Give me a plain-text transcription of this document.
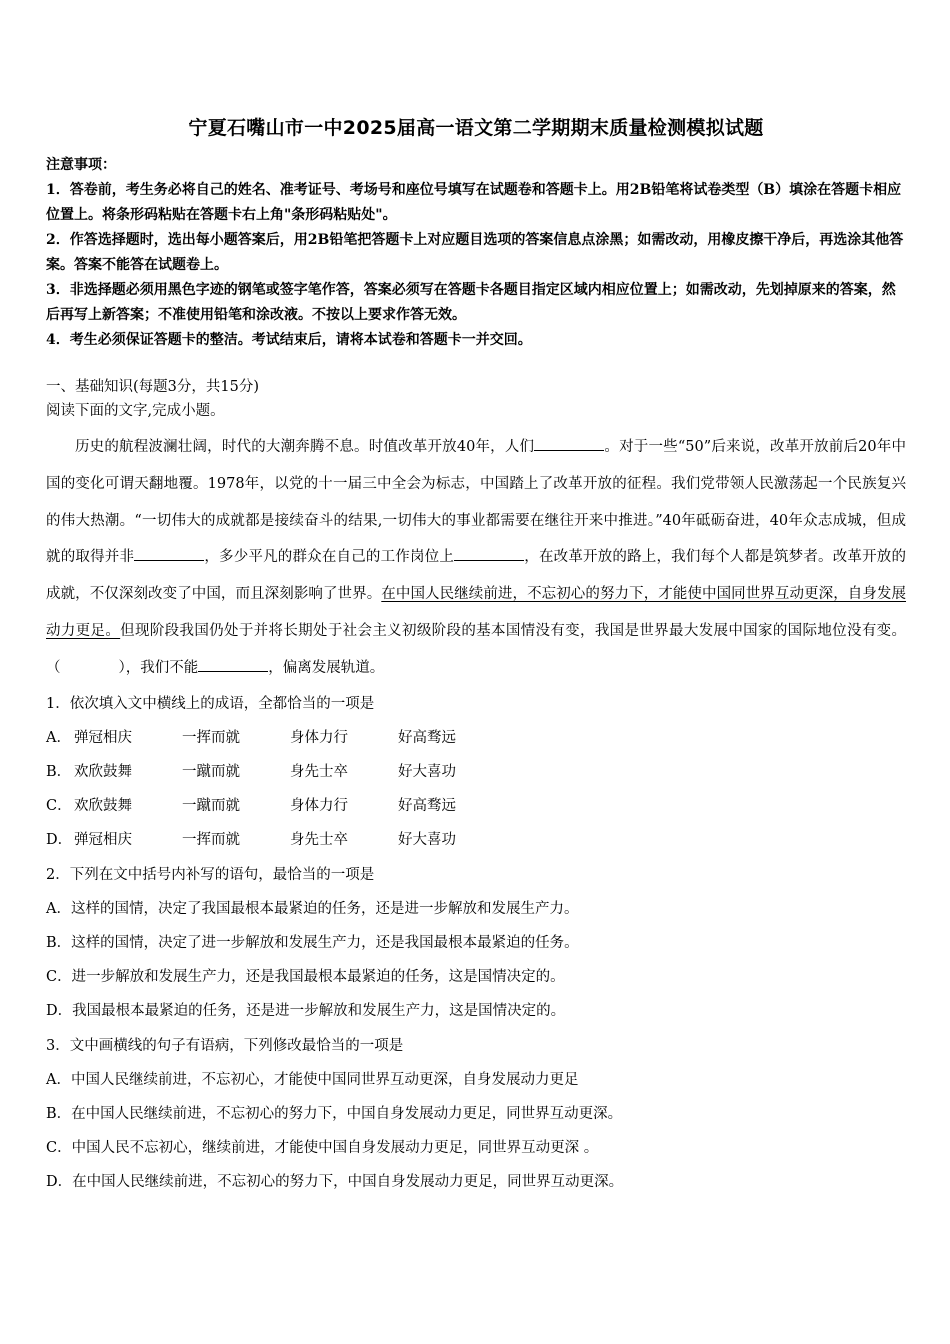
宁夏石嘴山市一中2025届高一语文第二学期期末质量检测模拟试题

注意事项：

1．答卷前，考生务必将自己的姓名、准考证号、考场号和座位号填写在试题卷和答题卡上。用2B铅笔将试卷类型（B）填涂在答题卡相应位置上。将条形码粘贴在答题卡右上角"条形码粘贴处"。

2．作答选择题时，选出每小题答案后，用2B铅笔把答题卡上对应题目选项的答案信息点涂黑；如需改动，用橡皮擦干净后，再选涂其他答案。答案不能答在试题卷上。

3．非选择题必须用黑色字迹的钢笔或签字笔作答，答案必须写在答题卡各题目指定区域内相应位置上；如需改动，先划掉原来的答案，然后再写上新答案；不准使用铅笔和涂改液。不按以上要求作答无效。

4．考生必须保证答题卡的整洁。考试结束后，请将本试卷和答题卡一并交回。

一、基础知识(每题3分，共15分)
阅读下面的文字,完成小题。
历史的航程波澜壮阔，时代的大潮奔腾不息。时值改革开放40年，人们	。对于一些“50”后来说，改革开放前后20年中国的变化可谓天翻地覆。1978年，以党的十一届三中全会为标志，中国踏上了改革开放的征程。我们党带领人民激荡起一个民族复兴的伟大热潮。“一切伟大的成就都是接续奋斗的结果,一切伟大的事业都需要在继往开来中推进。”40年砥砺奋进，40年众志成城，但成就的取得并非	，多少平凡的群众在自己的工作岗位上	，在改革开放的路上，我们每个人都是筑梦者。改革开放的成就，不仅深刻改变了中国，而且深刻影响了世界。在中国人民继续前进，不忘初心的努力下，才能使中国同世界互动更深，自身发展动力更足。但现阶段我国仍处于并将长期处于社会主义初级阶段的基本国情没有变，我国是世界最大发展中国家的国际地位没有变。（　　　　），我们不能	，偏离发展轨道。
1．依次填入文中横线上的成语，全都恰当的一项是
A． 弹冠相庆	一挥而就	身体力行	好高骛远
B． 欢欣鼓舞	一蹴而就	身先士卒	好大喜功
C． 欢欣鼓舞	一蹴而就	身体力行	好高骛远
D． 弹冠相庆	一挥而就	身先士卒	好大喜功
2．下列在文中括号内补写的语句，最恰当的一项是
A．这样的国情，决定了我国最根本最紧迫的任务，还是进一步解放和发展生产力。
B．这样的国情，决定了进一步解放和发展生产力，还是我国最根本最紧迫的任务。
C．进一步解放和发展生产力，还是我国最根本最紧迫的任务，这是国情决定的。
D．我国最根本最紧迫的任务，还是进一步解放和发展生产力，这是国情决定的。
3．文中画横线的句子有语病，下列修改最恰当的一项是
A．中国人民继续前进，不忘初心，才能使中国同世界互动更深，自身发展动力更足
B．在中国人民继续前进，不忘初心的努力下，中国自身发展动力更足，同世界互动更深。
C．中国人民不忘初心，继续前进，才能使中国自身发展动力更足，同世界互动更深 。
D．在中国人民继续前进，不忘初心的努力下，中国自身发展动力更足，同世界互动更深。
